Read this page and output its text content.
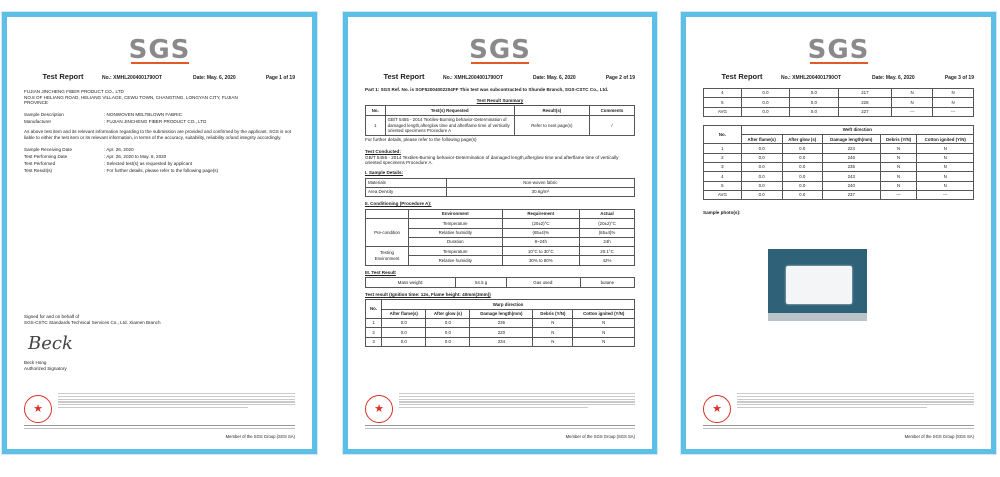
SGS
Test Report	No.: XMHL2004001790OT	Date: May. 6, 2020	Page 1 of 19
FUJIAN JINCHENG FIBER PRODUCT CO., LTD
NO.8 OF HELIANG ROAD, HELIANG VILLAGE, CEWU TOWN, CHANGTING, LONGYAN CITY, FUJIAN
PROVINCE
Sample Description	: NONWOVEN MELTBLOWN FABRIC
Manufacturer	: FUJIAN JINCHENG FIBER PRODUCT CO., LTD
As above test item and its relevant information regarding to the submission are provided and confirmed by the applicant. SGS is not liable to either the test item or its relevant information, in terms of the accuracy, suitability, reliability or/and integrity accordingly.
Sample Receiving Date	: Apr. 26, 2020
Test Performing Date	: Apr. 26, 2020 to May. 6, 2020
Test Performed	: Selected test(s) as requested by applicant
Test Result(s)	: For further details, please refer to the following page(s)
Signed for and on behalf of
SGS-CSTC Standards Technical Services Co., Ltd. Xiamen Branch
Beck
Beck Hong
Authorized Signatory
★
Member of the SGS Group (SGS SA)
SGS
Test Report	No.: XMHL2004001790OT	Date: May. 6, 2020	Page 2 of 19
Part 1: SGS Ref. No. is SOF52004002204FF This test was subcontracted to Shunde Branch, SGS-CSTC Co., Ltd.
Test Result Summary
No.	Test(s) Requested	Result(s)	Comments
1	GB/T 5455 - 2014 Textiles-Burning behavior-Determination of damaged length,afterglow time and afterflame time of vertically oriented specimens Procedure A	Refer to next page(s)	/
For further details, please refer to the following page(s)
Test Conducted:
GB/T 5455 - 2014 Textiles-Burning behavior-Determination of damaged length,afterglow time and afterflame time of vertically oriented specimens Procedure A.
I. Sample Details:
Materials	Non-woven fabric
Area Density	30.6g/m²
II. Conditioning (Procedure A):
	Environment	Requirement	Actual
Pre-condition	Temperature	(20±2)°C	(20±2)°C
	Relative humidity	(65±4)%	(65±4)%
	Duration	8~24h	24h
Testing Environment	Temperature	10°C to 30°C	20.1°C
	Relative humidity	30% to 80%	42%
III. Test Result
Mass weight:	54.5 g	Gas used:	butane
Test result (Ignition time: 12s, Flame height: 40mm(3mm))
No.	Warp direction				
	After flame(s)	After glow (s)	Damage length(mm)	Debris (Y/N)	Cotton ignited (Y/N)
1	0.0	0.0	236	N	N
2	0.0	0.0	220	N	N
3	0.0	0.0	234	N	N
★
Member of the SGS Group (SGS SA)
SGS
Test Report	No.: XMHL2004001790OT	Date: May. 6, 2020	Page 3 of 19
4	0.0	0.0	217	N	N
5	0.0	0.0	228	N	N
AVG	0.0	0.0	227	---	---
No.	Weft direction				
	After flame(s)	After glow (s)	Damage length(mm)	Debris (Y/N)	Cotton ignited (Y/N)
1	0.0	0.0	224	N	N
2	0.0	0.0	246	N	N
3	0.0	0.0	235	N	N
4	0.0	0.0	243	N	N
5	0.0	0.0	240	N	N
AVG	0.0	0.0	237	---	---
Sample photo(s):
★
Member of the SGS Group (SGS SA)
